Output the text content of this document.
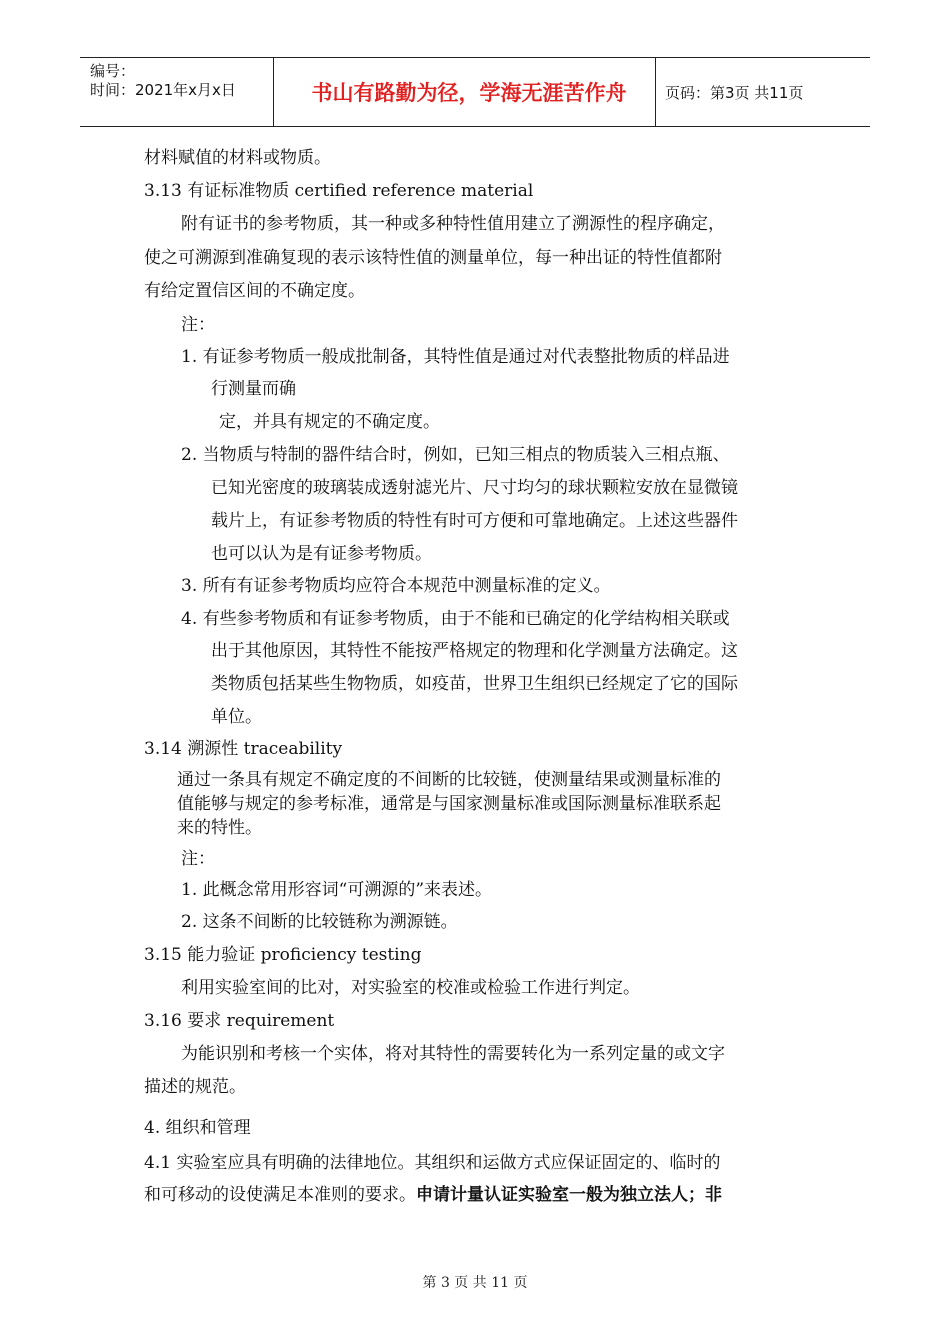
编号：
时间：2021年x月x日	书山有路勤为径，学海无涯苦作舟	页码：第3页 共11页
材料赋值的材料或物质。
3.13 有证标准物质 certified reference material
附有证书的参考物质，其一种或多种特性值用建立了溯源性的程序确定，
使之可溯源到准确复现的表示该特性值的测量单位，每一种出证的特性值都附
有给定置信区间的不确定度。
注：
1. 有证参考物质一般成批制备，其特性值是通过对代表整批物质的样品进
行测量而确
定，并具有规定的不确定度。
2. 当物质与特制的器件结合时，例如，已知三相点的物质装入三相点瓶、
已知光密度的玻璃装成透射滤光片、尺寸均匀的球状颗粒安放在显微镜
载片上，有证参考物质的特性有时可方便和可靠地确定。上述这些器件
也可以认为是有证参考物质。
3. 所有有证参考物质均应符合本规范中测量标准的定义。
4. 有些参考物质和有证参考物质，由于不能和已确定的化学结构相关联或
出于其他原因，其特性不能按严格规定的物理和化学测量方法确定。这
类物质包括某些生物物质，如疫苗，世界卫生组织已经规定了它的国际
单位。
3.14 溯源性 traceability
通过一条具有规定不确定度的不间断的比较链，使测量结果或测量标准的
值能够与规定的参考标准，通常是与国家测量标准或国际测量标准联系起
来的特性。
注：
1. 此概念常用形容词“可溯源的”来表述。
2. 这条不间断的比较链称为溯源链。
3.15 能力验证 proficiency testing
利用实验室间的比对，对实验室的校准或检验工作进行判定。
3.16 要求 requirement
为能识别和考核一个实体，将对其特性的需要转化为一系列定量的或文字
描述的规范。
4. 组织和管理
4.1 实验室应具有明确的法律地位。其组织和运做方式应保证固定的、临时的
和可移动的设使满足本准则的要求。申请计量认证实验室一般为独立法人；非
第 3 页 共 11 页
